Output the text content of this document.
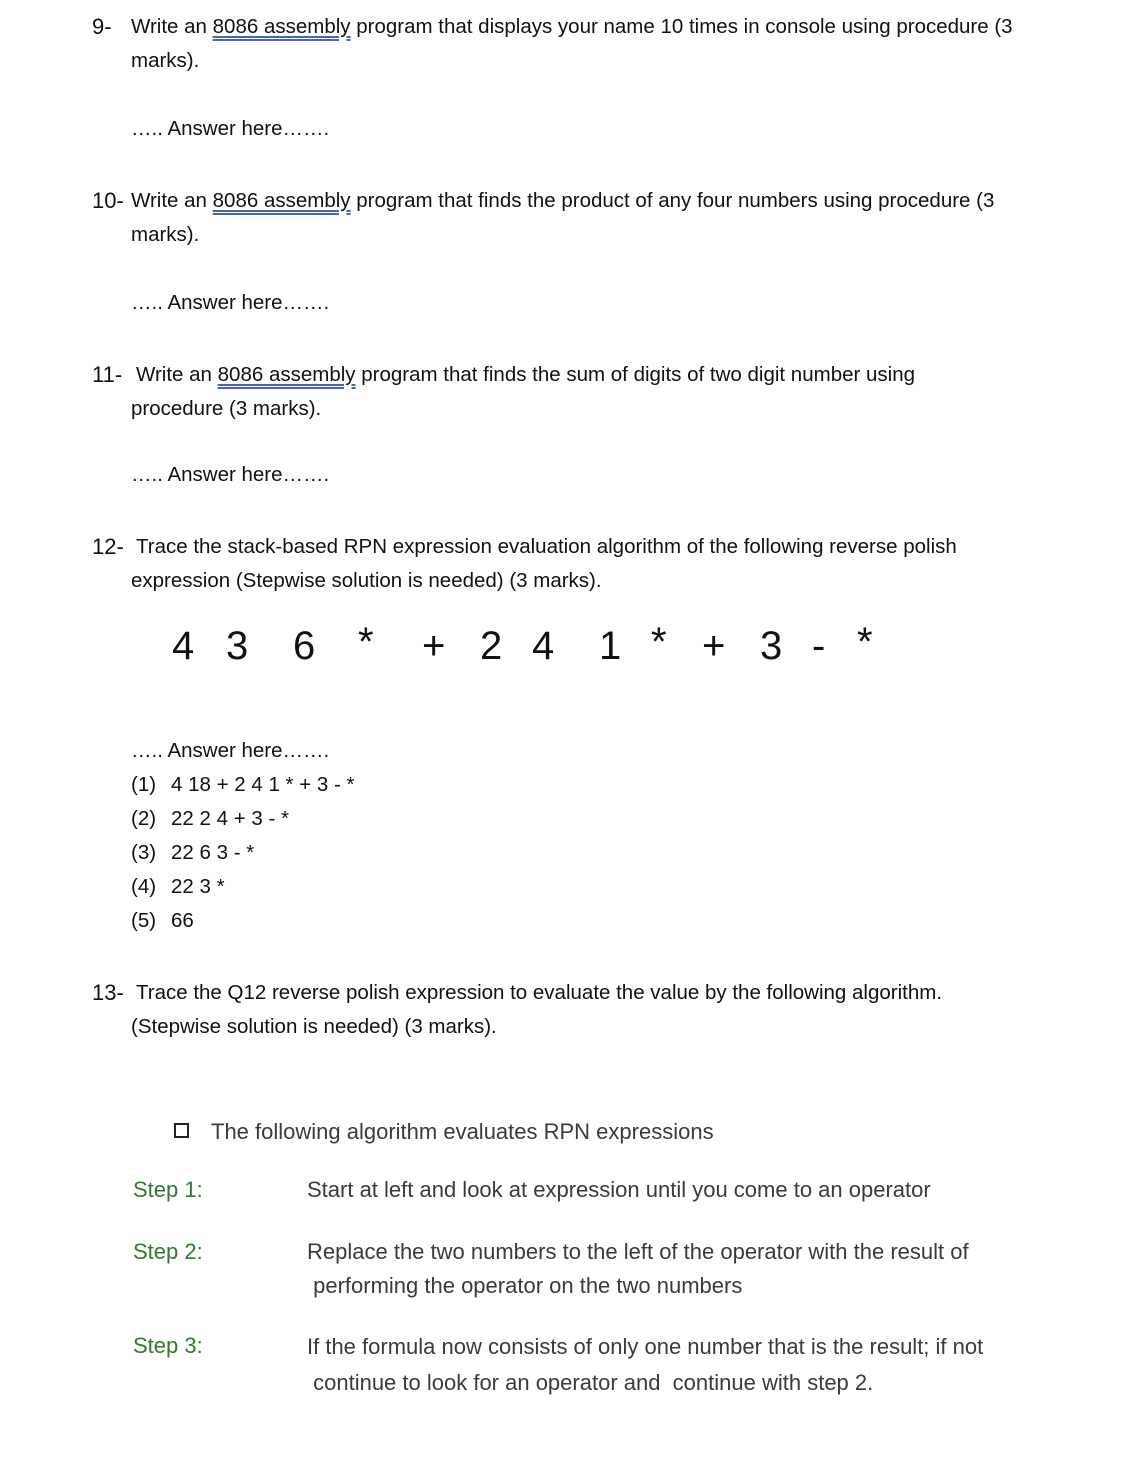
9- Write an 8086 assembly program that displays your name 10 times in console using procedure (3
marks).
….. Answer here…….
10- Write an 8086 assembly program that finds the product of any four numbers using procedure (3
marks).
….. Answer here…….
11- Write an 8086 assembly program that finds the sum of digits of two digit number using
procedure (3 marks).
….. Answer here…….
12- Trace the stack-based RPN expression evaluation algorithm of the following reverse polish
expression (Stepwise solution is needed) (3 marks).
4 3 6 * + 2 4 1 * + 3 - *
….. Answer here…….
(1) 4 18 + 2 4 1 * + 3 - *
(2) 22 2 4 + 3 - *
(3) 22 6 3 - *
(4) 22 3 *
(5) 66
13- Trace the Q12 reverse polish expression to evaluate the value by the following algorithm.
(Stepwise solution is needed) (3 marks).
The following algorithm evaluates RPN expressions
Step 1:	Start at left and look at expression until you come to an operator
Step 2:	Replace the two numbers to the left of the operator with the result of
performing the operator on the two numbers
Step 3:	If the formula now consists of only one number that is the result; if not
continue to look for an operator and  continue with step 2.
